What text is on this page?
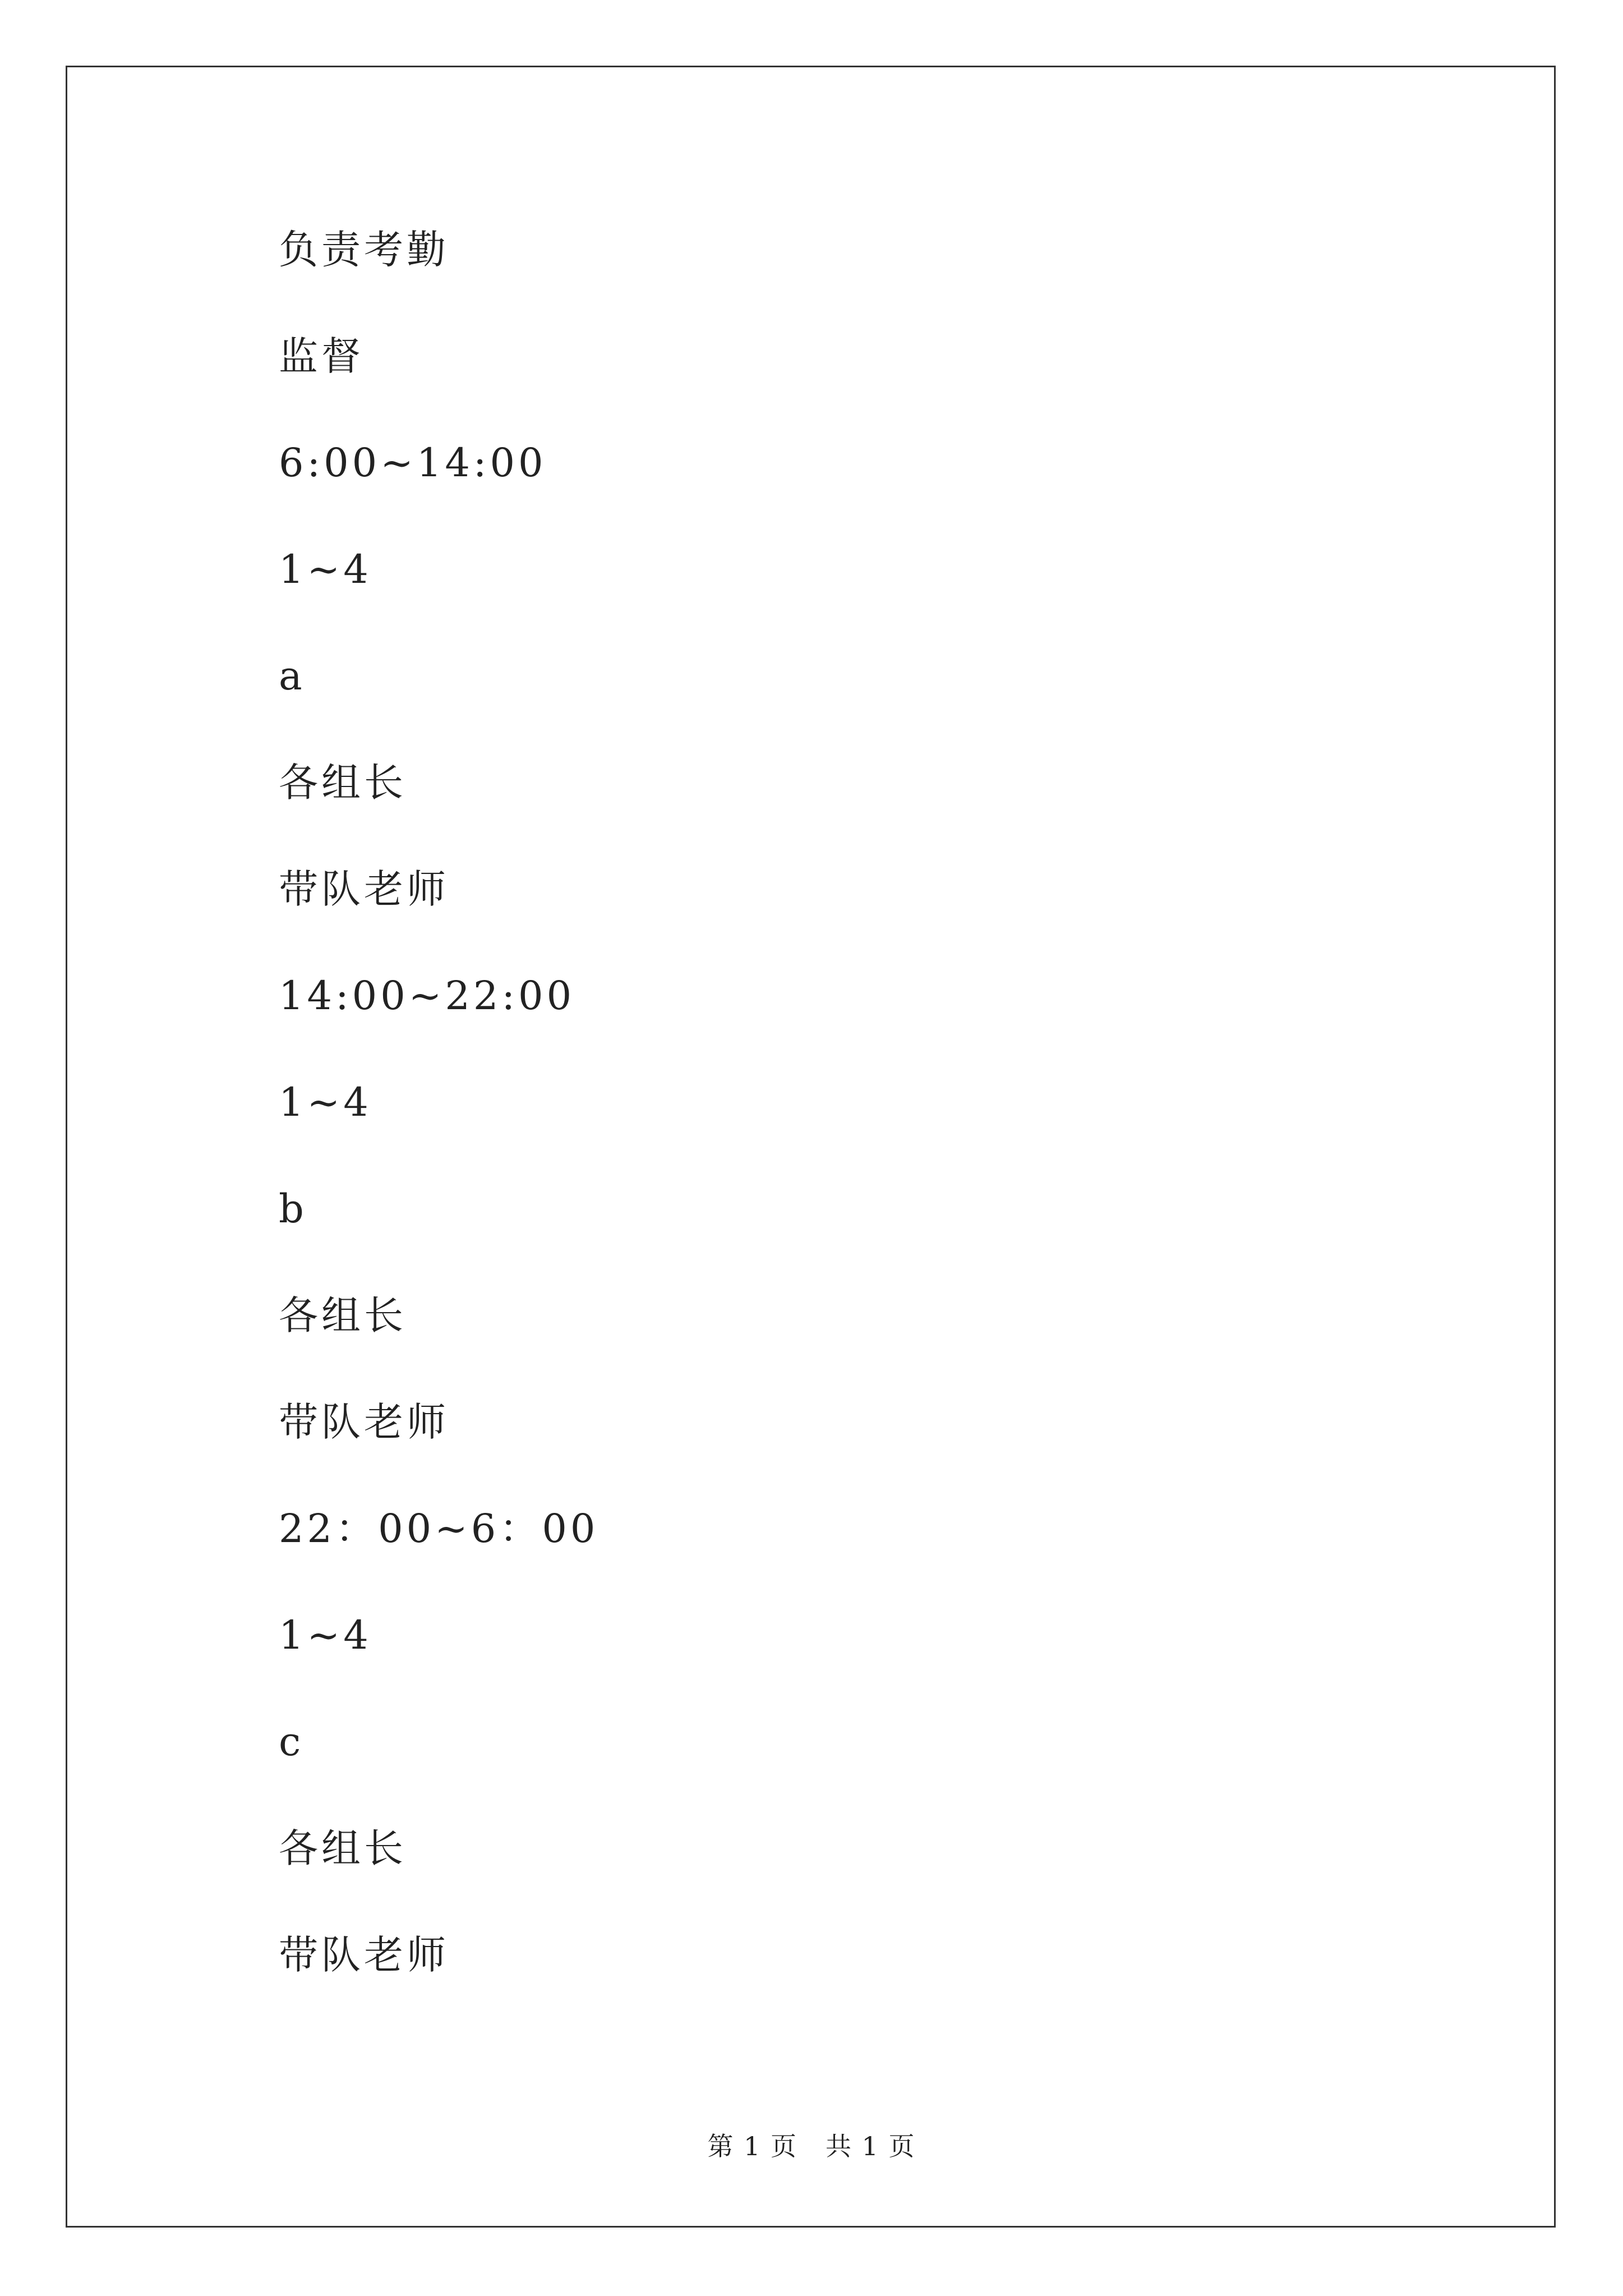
负责考勤
监督
6:00~14:00
1~4
a
各组长
带队老师
14:00~22:00
1~4
b
各组长
带队老师
22：00~6：00
1~4
c
各组长
带队老师
第 1 页 共 1 页
